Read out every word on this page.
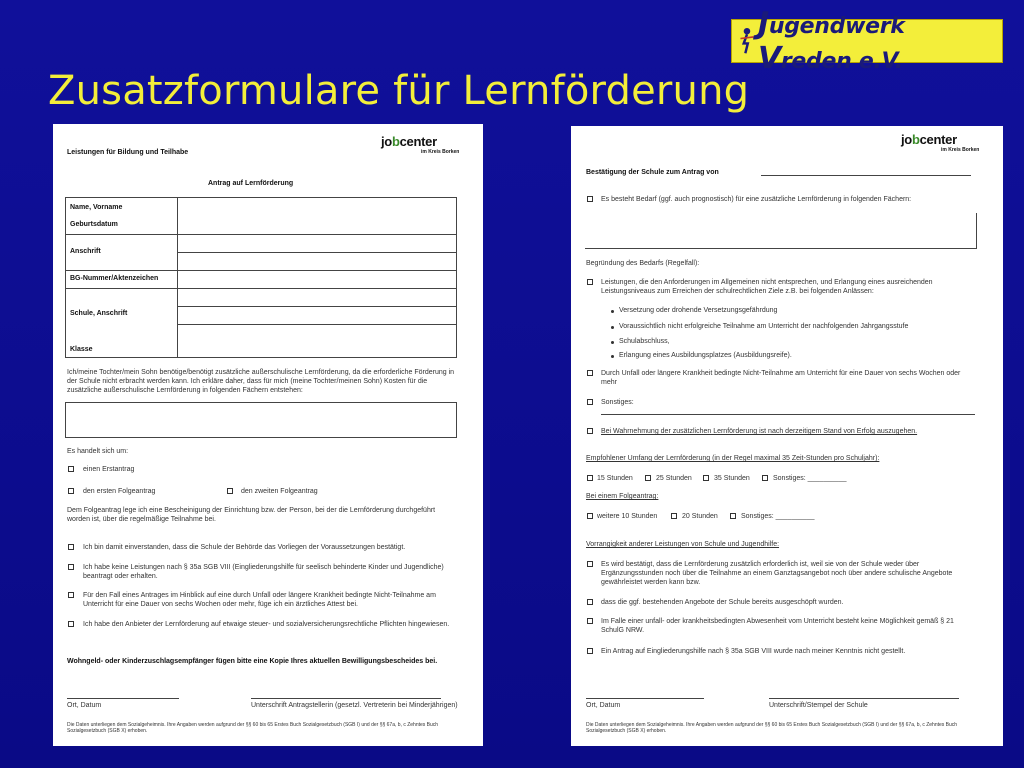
Jugendwerk Vreden e.V.
Zusatzformulare für Lernförderung
jobcenter
im Kreis Borken
Leistungen für Bildung und Teilhabe
Antrag auf Lernförderung
Name, Vorname
Geburtsdatum
Anschrift
BG-Nummer/Aktenzeichen
Schule, Anschrift
Klasse
Ich/meine Tochter/mein Sohn benötige/benötigt zusätzliche außerschulische Lernförderung, da die erforderliche Förderung in der Schule nicht erbracht werden kann. Ich erkläre daher, dass für mich (meine Tochter/meinen Sohn) Kosten für die zusätzliche außerschulische Lernförderung in folgenden Fächern entstehen:
Es handelt sich um:
einen Erstantrag
den ersten Folgeantrag	den zweiten Folgeantrag
Dem Folgeantrag lege ich eine Bescheinigung der Einrichtung bzw. der Person, bei der die Lernförderung durchgeführt worden ist, über die regelmäßige Teilnahme bei.
Ich bin damit einverstanden, dass die Schule der Behörde das Vorliegen der Voraussetzungen bestätigt.
Ich habe keine Leistungen nach § 35a SGB VIII (Eingliederungshilfe für seelisch behinderte Kinder und Jugendliche) beantragt oder erhalten.
Für den Fall eines Antrages im Hinblick auf eine durch Unfall oder längere Krankheit bedingte Nicht-Teilnahme am Unterricht für eine Dauer von sechs Wochen oder mehr, füge ich ein ärztliches Attest bei.
Ich habe den Anbieter der Lernförderung auf etwaige steuer- und sozialversicherungsrechtliche Pflichten hingewiesen.
Wohngeld- oder Kinderzuschlagsempfänger fügen bitte eine Kopie Ihres aktuellen Bewilligungsbescheides bei.
Ort, Datum	Unterschrift Antragstellerin (gesetzl. Vertreterin bei Minderjährigen)
Die Daten unterliegen dem Sozialgeheimnis. Ihre Angaben werden aufgrund der §§ 60 bis 65 Erstes Buch Sozialgesetzbuch (SGB I) und der §§ 67a, b, c Zehntes Buch Sozialgesetzbuch (SGB X) erhoben.
jobcenter
im Kreis Borken
Bestätigung der Schule zum Antrag von
Es besteht Bedarf (ggf. auch prognostisch) für eine zusätzliche Lernförderung in folgenden Fächern:
Begründung des Bedarfs (Regelfall):
Leistungen, die den Anforderungen im Allgemeinen nicht entsprechen, und Erlangung eines ausreichenden Leistungsniveaus zum Erreichen der schulrechtlichen Ziele z.B. bei folgenden Anlässen:
Versetzung oder drohende Versetzungsgefährdung
Voraussichtlich nicht erfolgreiche Teilnahme am Unterricht der nachfolgenden Jahrgangsstufe
Schulabschluss,
Erlangung eines Ausbildungsplatzes (Ausbildungsreife).
Durch Unfall oder längere Krankheit bedingte Nicht-Teilnahme am Unterricht für eine Dauer von sechs Wochen oder mehr
Sonstiges:
Bei Wahrnehmung der zusätzlichen Lernförderung ist nach derzeitigem Stand von Erfolg auszugehen.
Empfohlener Umfang der Lernförderung (in der Regel maximal 35 Zeit-Stunden pro Schuljahr):
15 Stunden	25 Stunden	35 Stunden	Sonstiges: __________
Bei einem Folgeantrag:
weitere 10 Stunden	20 Stunden	Sonstiges: __________
Vorrangigkeit anderer Leistungen von Schule und Jugendhilfe:
Es wird bestätigt, dass die Lernförderung zusätzlich erforderlich ist, weil sie von der Schule weder über Ergänzungsstunden noch über die Teilnahme an einem Ganztagsangebot noch über andere schulische Angebote gewährleistet werden kann bzw.
dass die ggf. bestehenden Angebote der Schule bereits ausgeschöpft wurden.
Im Falle einer unfall- oder krankheitsbedingten Abwesenheit vom Unterricht besteht keine Möglichkeit gemäß § 21 SchulG NRW.
Ein Antrag auf Eingliederungshilfe nach § 35a SGB VIII wurde nach meiner Kenntnis nicht gestellt.
Ort, Datum	Unterschrift/Stempel der Schule
Die Daten unterliegen dem Sozialgeheimnis. Ihre Angaben werden aufgrund der §§ 60 bis 65 Erstes Buch Sozialgesetzbuch (SGB I) und der §§ 67a, b, c Zehntes Buch Sozialgesetzbuch (SGB X) erhoben.
